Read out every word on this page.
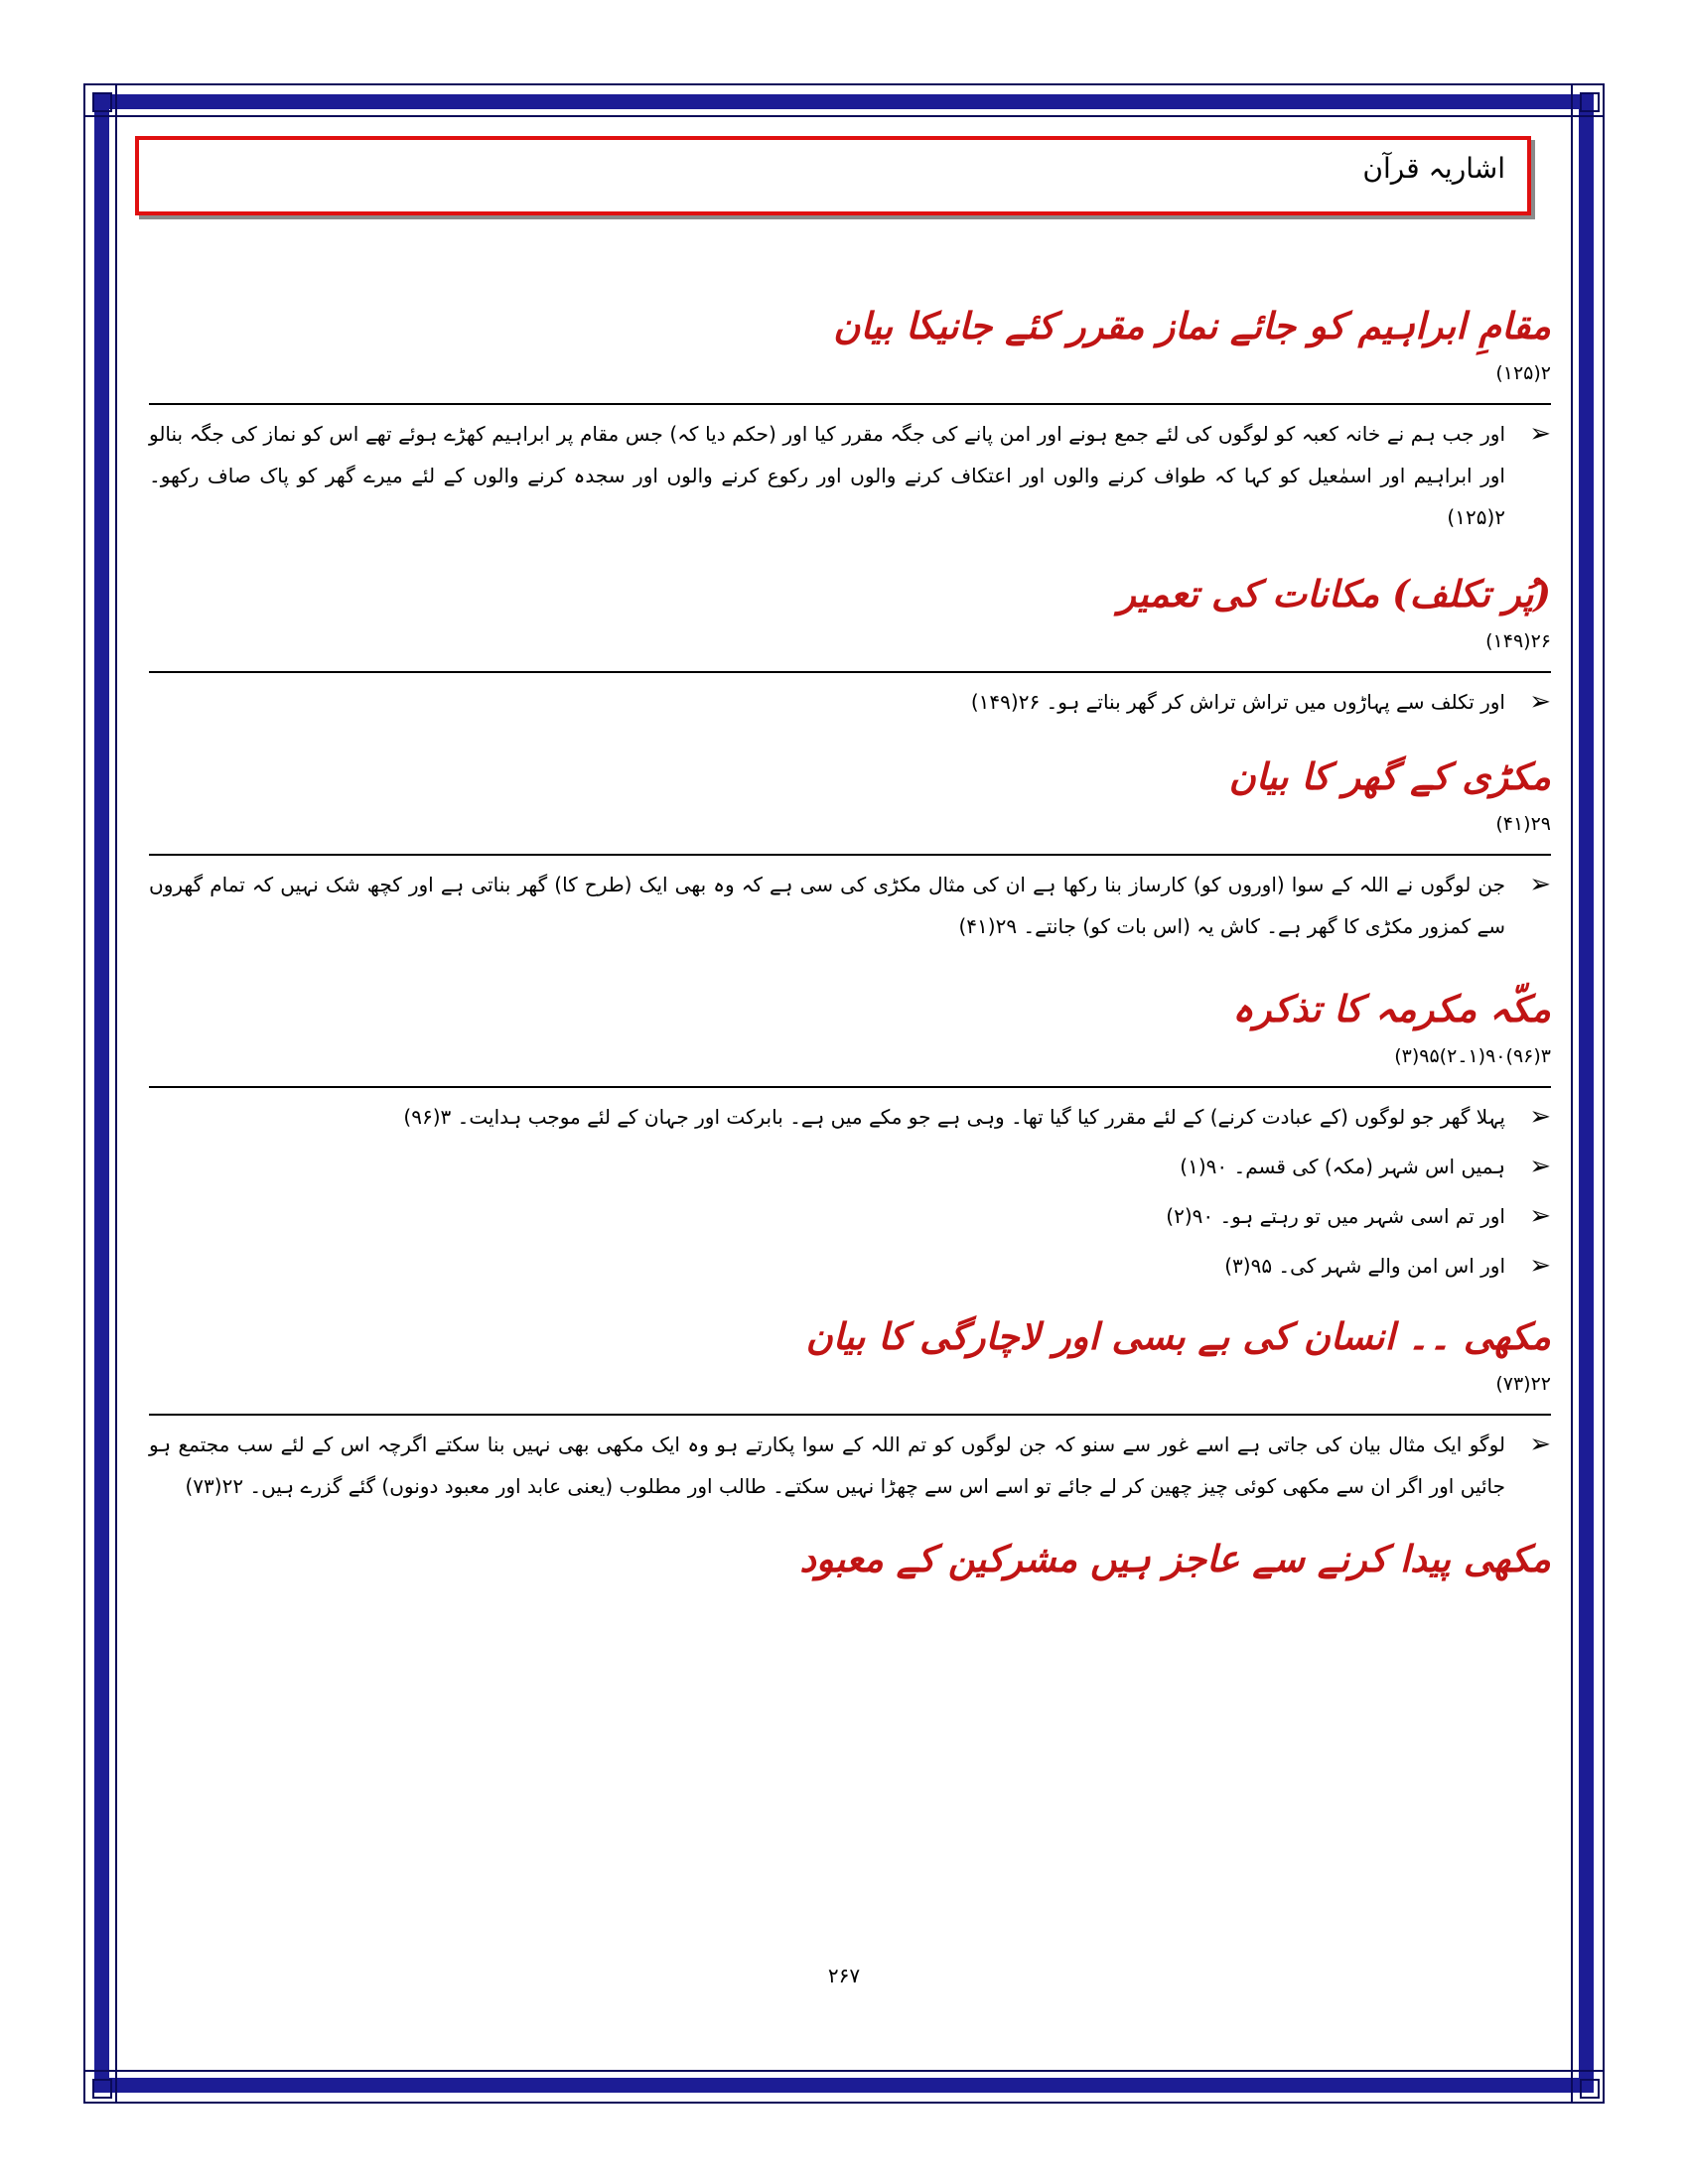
اشاریہ قرآن
مقامِ ابراہیم کو جائے نماز مقرر کئے جانیکا بیان
۲(۱۲۵)
➢
اور جب ہم نے خانہ کعبہ کو لوگوں کی لئے جمع ہونے اور امن پانے کی جگہ مقرر کیا اور (حکم دیا کہ) جس مقام پر ابراہیم کھڑے ہوئے تھے اس کو نماز کی جگہ بنالو اور ابراہیم اور اسمٰعیل کو کہا کہ طواف کرنے والوں اور اعتکاف کرنے والوں اور رکوع کرنے والوں اور سجدہ کرنے والوں کے لئے میرے گھر کو پاک صاف رکھو۔ ۲(۱۲۵)
(پُر تکلف) مکانات کی تعمیر
۲۶(۱۴۹)
➢
اور تکلف سے پہاڑوں میں تراش تراش کر گھر بناتے ہو۔ ۲۶(۱۴۹)
مکڑی کے گھر کا بیان
۲۹(۴۱)
➢
جن لوگوں نے اللہ کے سوا (اوروں کو) کارساز بنا رکھا ہے ان کی مثال مکڑی کی سی ہے کہ وہ بھی ایک (طرح کا) گھر بناتی ہے اور کچھ شک نہیں کہ تمام گھروں سے کمزور مکڑی کا گھر ہے۔ کاش یہ (اس بات کو) جانتے۔ ۲۹(۴۱)
مکّہ مکرمہ کا تذکرہ
۳(۹۶)۹۰(۱۔۲)۹۵(۳)
➢
پہلا گھر جو لوگوں (کے عبادت کرنے) کے لئے مقرر کیا گیا تھا۔ وہی ہے جو مکے میں ہے۔ بابرکت اور جہان کے لئے موجب ہدایت۔ ۳(۹۶)
➢
ہمیں اس شہر (مکہ) کی قسم۔ ۹۰(۱)
➢
اور تم اسی شہر میں تو رہتے ہو۔ ۹۰(۲)
➢
اور اس امن والے شہر کی۔ ۹۵(۳)
مکھی ۔۔ انسان کی بے بسی اور لاچارگی کا بیان
۲۲(۷۳)
➢
لوگو ایک مثال بیان کی جاتی ہے اسے غور سے سنو کہ جن لوگوں کو تم اللہ کے سوا پکارتے ہو وہ ایک مکھی بھی نہیں بنا سکتے اگرچہ اس کے لئے سب مجتمع ہو جائیں اور اگر ان سے مکھی کوئی چیز چھین کر لے جائے تو اسے اس سے چھڑا نہیں سکتے۔ طالب اور مطلوب (یعنی عابد اور معبود دونوں) گئے گزرے ہیں۔ ۲۲(۷۳)
مکھی پیدا کرنے سے عاجز ہیں مشرکین کے معبود
۲۶۷
